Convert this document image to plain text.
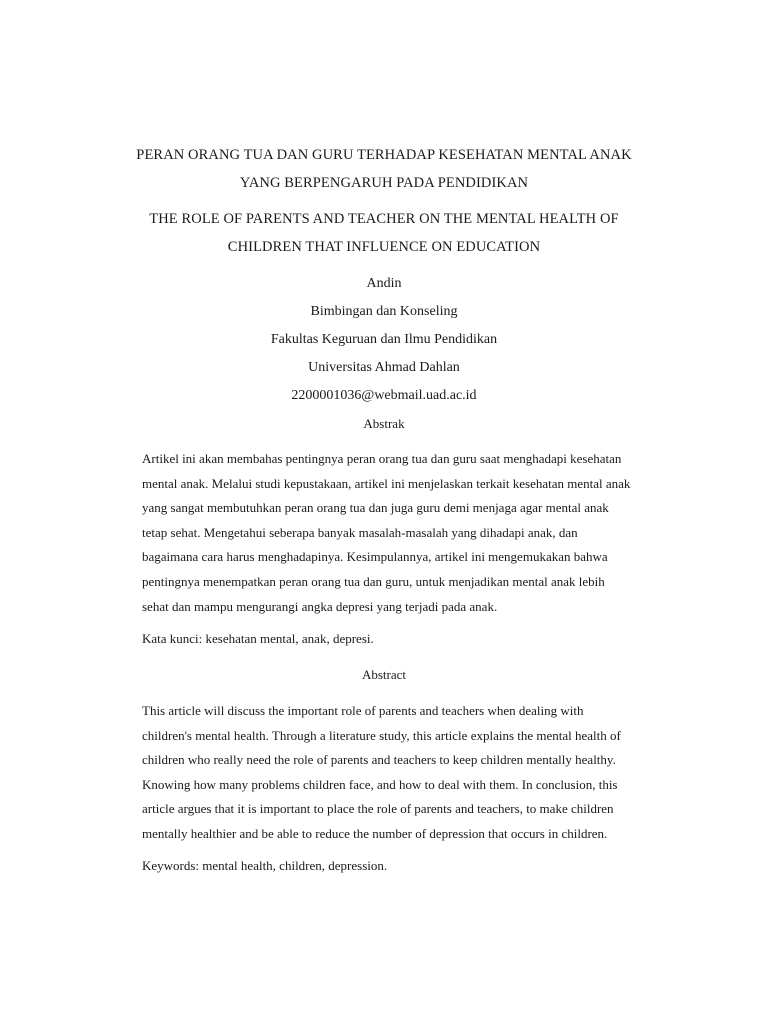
PERAN ORANG TUA DAN GURU TERHADAP KESEHATAN MENTAL ANAK
YANG BERPENGARUH PADA PENDIDIKAN
THE ROLE OF PARENTS AND TEACHER ON THE MENTAL HEALTH OF
CHILDREN THAT INFLUENCE ON EDUCATION
Andin
Bimbingan dan Konseling
Fakultas Keguruan dan Ilmu Pendidikan
Universitas Ahmad Dahlan
2200001036@webmail.uad.ac.id
Abstrak
Artikel ini akan membahas pentingnya peran orang tua dan guru saat menghadapi kesehatan
mental anak. Melalui studi kepustakaan, artikel ini menjelaskan terkait kesehatan mental anak
yang sangat membutuhkan peran orang tua dan juga guru demi menjaga agar mental anak
tetap sehat. Mengetahui seberapa banyak masalah-masalah yang dihadapi anak, dan
bagaimana cara harus menghadapinya. Kesimpulannya, artikel ini mengemukakan bahwa
pentingnya menempatkan peran orang tua dan guru, untuk menjadikan mental anak lebih
sehat dan mampu mengurangi angka depresi yang terjadi pada anak.
Kata kunci: kesehatan mental, anak, depresi.
Abstract
This article will discuss the important role of parents and teachers when dealing with
children's mental health. Through a literature study, this article explains the mental health of
children who really need the role of parents and teachers to keep children mentally healthy.
Knowing how many problems children face, and how to deal with them. In conclusion, this
article argues that it is important to place the role of parents and teachers, to make children
mentally healthier and be able to reduce the number of depression that occurs in children.
Keywords: mental health, children, depression.
